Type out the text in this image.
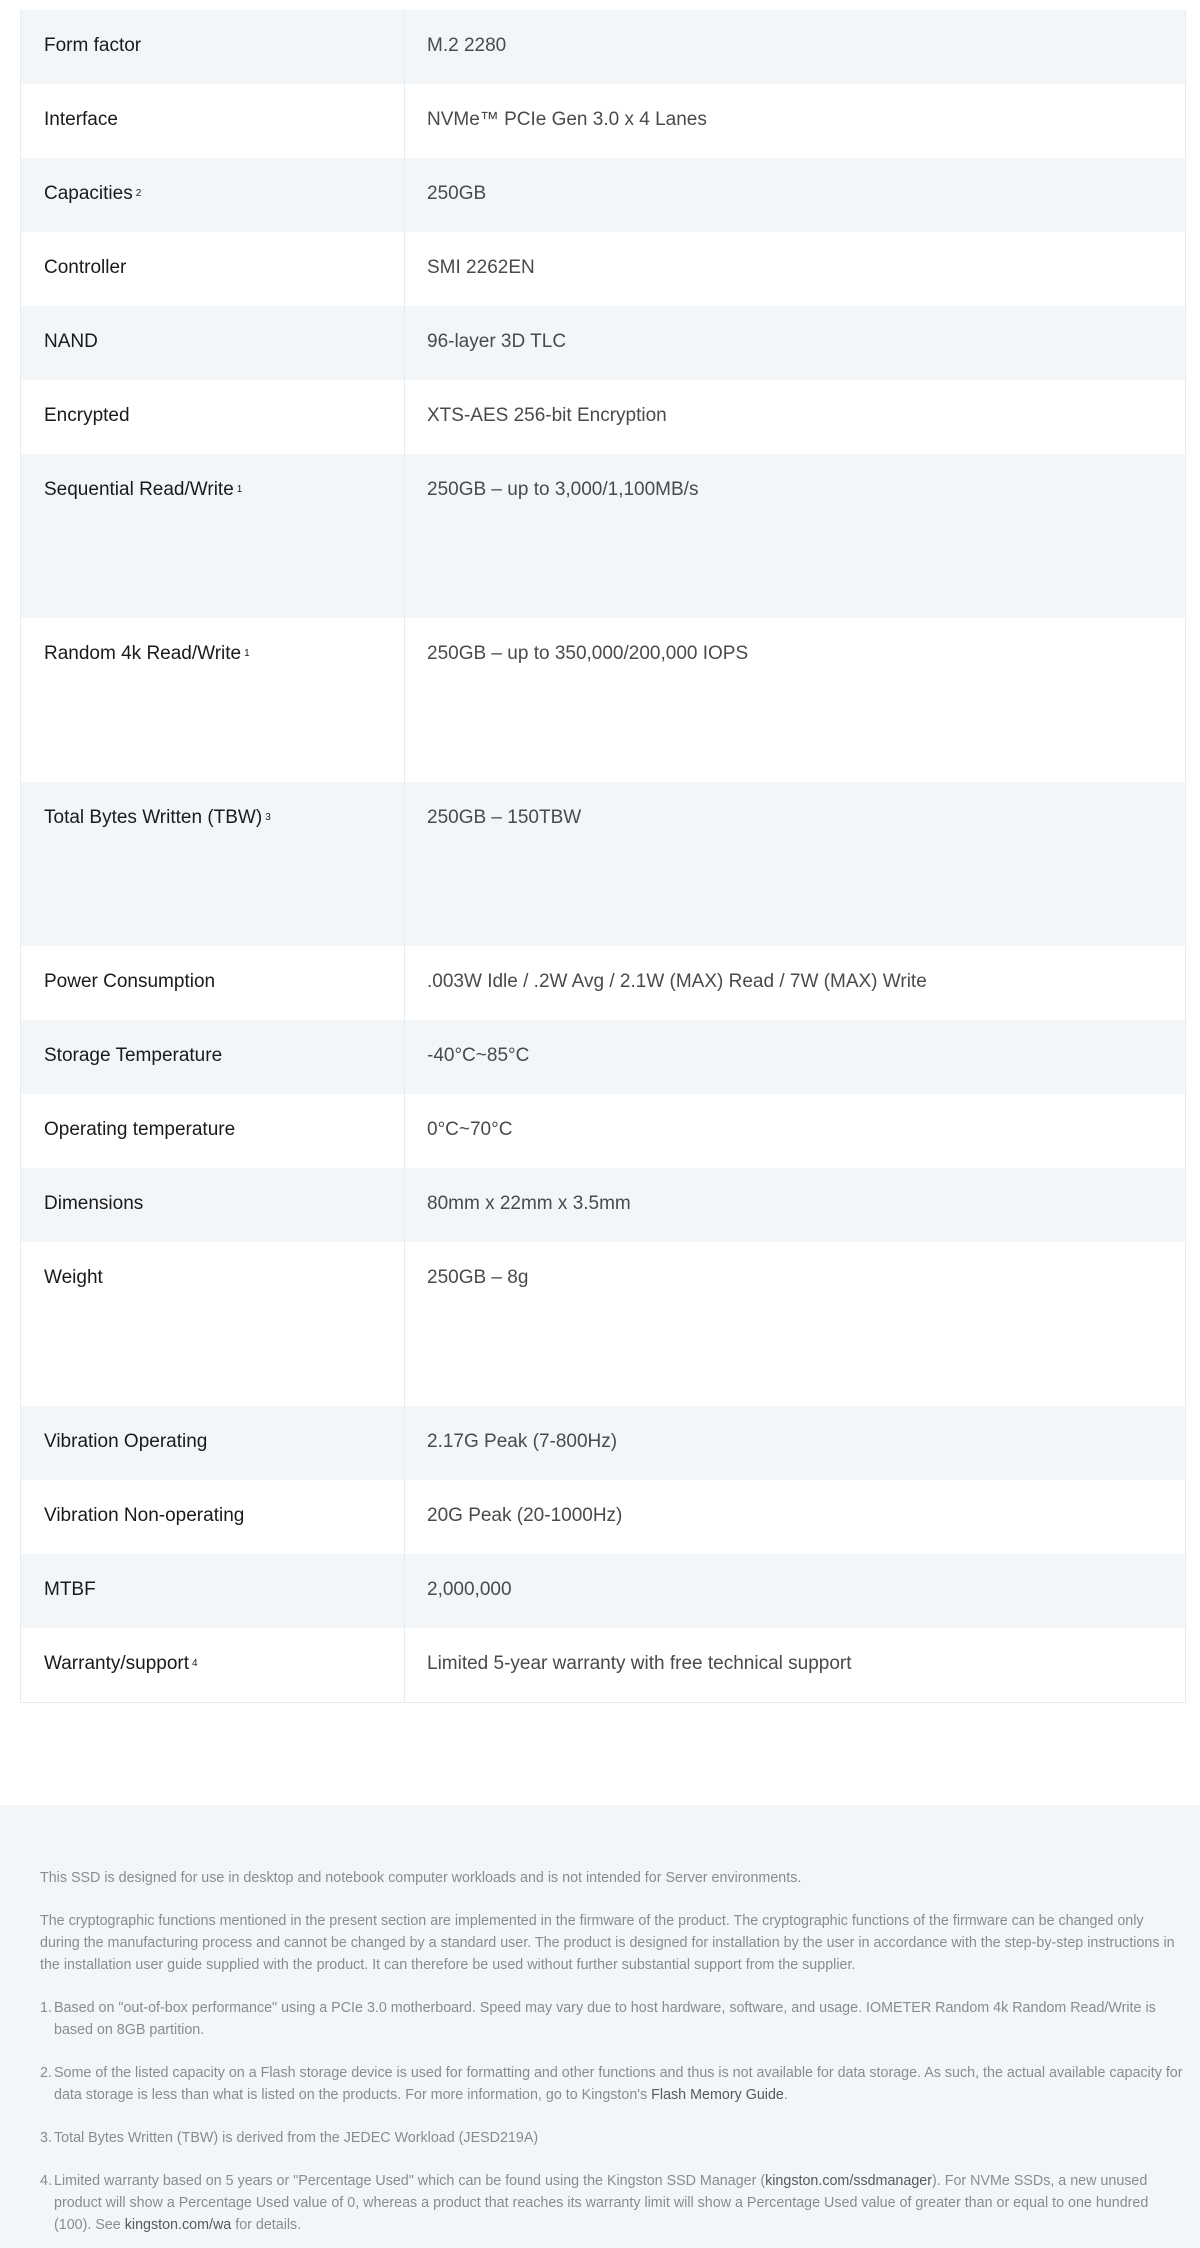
Form factor	M.2 2280
Interface	NVMe™ PCIe Gen 3.0 x 4 Lanes
Capacities $^2$	250GB
Controller	SMI 2262EN
NAND	96-layer 3D TLC
Encrypted	XTS-AES 256-bit Encryption
Sequential Read/Write $^1$	250GB – up to 3,000/1,100MB/s
Random 4k Read/Write $^1$	250GB – up to 350,000/200,000 IOPS
Total Bytes Written (TBW) $^3$	250GB – 150TBW
Power Consumption	.003W Idle / .2W Avg / 2.1W (MAX) Read / 7W (MAX) Write
Storage Temperature	-40°C~85°C
Operating temperature	0°C~70°C
Dimensions	80mm x 22mm x 3.5mm
Weight	250GB – 8g
Vibration Operating	2.17G Peak (7-800Hz)
Vibration Non-operating	20G Peak (20-1000Hz)
MTBF	2,000,000
Warranty/support $^4$	Limited 5-year warranty with free technical support

This SSD is designed for use in desktop and notebook computer workloads and is not intended for Server environments.

The cryptographic functions mentioned in the present section are implemented in the firmware of the product. The cryptographic functions of the firmware can be changed only during the manufacturing process and cannot be changed by a standard user. The product is designed for installation by the user in accordance with the step-by-step instructions in the installation user guide supplied with the product. It can therefore be used without further substantial support from the supplier.

1. Based on "out-of-box performance" using a PCIe 3.0 motherboard. Speed may vary due to host hardware, software, and usage. IOMETER Random 4k Random Read/Write is based on 8GB partition.
2. Some of the listed capacity on a Flash storage device is used for formatting and other functions and thus is not available for data storage. As such, the actual available capacity for data storage is less than what is listed on the products. For more information, go to Kingston's Flash Memory Guide.
3. Total Bytes Written (TBW) is derived from the JEDEC Workload (JESD219A)
4. Limited warranty based on 5 years or "Percentage Used" which can be found using the Kingston SSD Manager (kingston.com/ssdmanager). For NVMe SSDs, a new unused product will show a Percentage Used value of 0, whereas a product that reaches its warranty limit will show a Percentage Used value of greater than or equal to one hundred (100). See kingston.com/wa for details.
